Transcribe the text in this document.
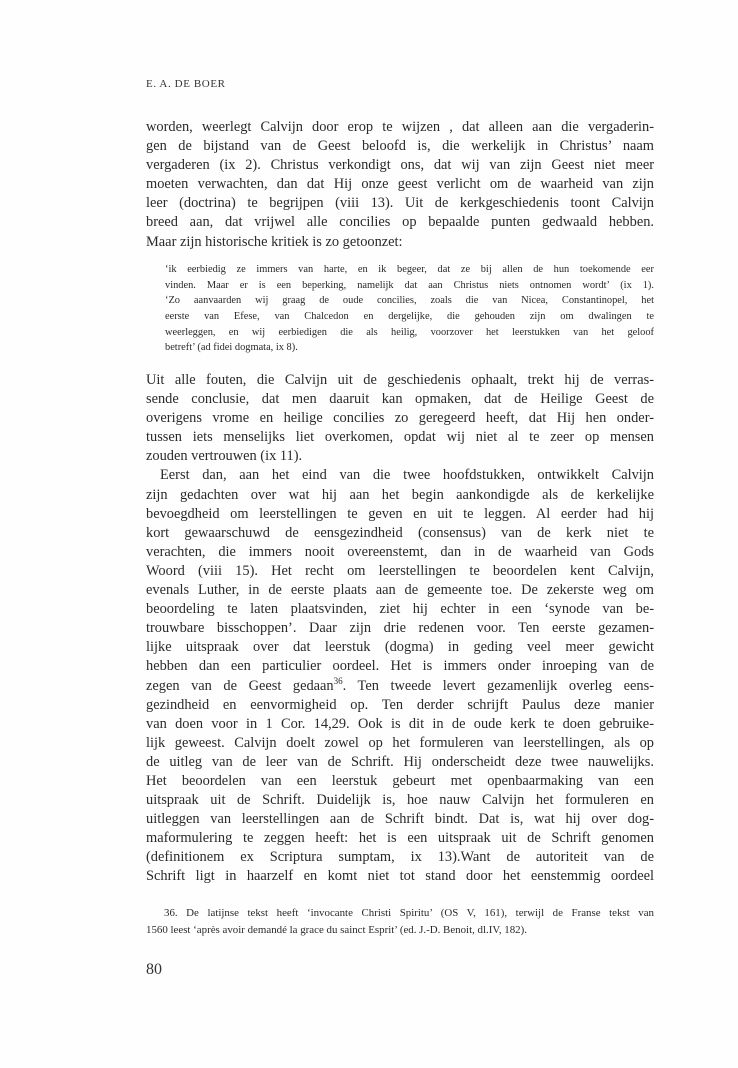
E. A. DE BOER
worden, weerlegt Calvijn door erop te wijzen , dat alleen aan die vergaderin-
gen de bijstand van de Geest beloofd is, die werkelijk in Christus’ naam
vergaderen (ix 2). Christus verkondigt ons, dat wij van zijn Geest niet meer
moeten verwachten, dan dat Hij onze geest verlicht om de waarheid van zijn
leer (doctrina) te begrijpen (viii 13). Uit de kerkgeschiedenis toont Calvijn
breed aan, dat vrijwel alle concilies op bepaalde punten gedwaald hebben.
Maar zijn historische kritiek is zo getoonzet:
‘ik eerbiedig ze immers van harte, en ik begeer, dat ze bij allen de hun toekomende eer
vinden. Maar er is een beperking, namelijk dat aan Christus niets ontnomen wordt’ (ix 1).
‘Zo aanvaarden wij graag de oude concilies, zoals die van Nicea, Constantinopel, het
eerste van Efese, van Chalcedon en dergelijke, die gehouden zijn om dwalingen te
weerleggen, en wij eerbiedigen die als heilig, voorzover het leerstukken van het geloof
betreft’ (ad fidei dogmata, ix 8).
Uit alle fouten, die Calvijn uit de geschiedenis ophaalt, trekt hij de verras-
sende conclusie, dat men daaruit kan opmaken, dat de Heilige Geest de
overigens vrome en heilige concilies zo geregeerd heeft, dat Hij hen onder-
tussen iets menselijks liet overkomen, opdat wij niet al te zeer op mensen
zouden vertrouwen (ix 11).
Eerst dan, aan het eind van die twee hoofdstukken, ontwikkelt Calvijn
zijn gedachten over wat hij aan het begin aankondigde als de kerkelijke
bevoegdheid om leerstellingen te geven en uit te leggen. Al eerder had hij
kort gewaarschuwd de eensgezindheid (consensus) van de kerk niet te
verachten, die immers nooit overeenstemt, dan in de waarheid van Gods
Woord (viii 15). Het recht om leerstellingen te beoordelen kent Calvijn,
evenals Luther, in de eerste plaats aan de gemeente toe. De zekerste weg om
beoordeling te laten plaatsvinden, ziet hij echter in een ‘synode van be-
trouwbare bisschoppen’. Daar zijn drie redenen voor. Ten eerste gezamen-
lijke uitspraak over dat leerstuk (dogma) in geding veel meer gewicht
hebben dan een particulier oordeel. Het is immers onder inroeping van de
zegen van de Geest gedaan$^{36}$. Ten tweede levert gezamenlijk overleg eens-
gezindheid en eenvormigheid op. Ten derder schrijft Paulus deze manier
van doen voor in 1 Cor. 14,29. Ook is dit in de oude kerk te doen gebruike-
lijk geweest. Calvijn doelt zowel op het formuleren van leerstellingen, als op
de uitleg van de leer van de Schrift. Hij onderscheidt deze twee nauwelijks.
Het beoordelen van een leerstuk gebeurt met openbaarmaking van een
uitspraak uit de Schrift. Duidelijk is, hoe nauw Calvijn het formuleren en
uitleggen van leerstellingen aan de Schrift bindt. Dat is, wat hij over dog-
maformulering te zeggen heeft: het is een uitspraak uit de Schrift genomen
(definitionem ex Scriptura sumptam, ix 13).Want de autoriteit van de
Schrift ligt in haarzelf en komt niet tot stand door het eenstemmig oordeel
36. De latijnse tekst heeft ‘invocante Christi Spiritu’ (OS V, 161), terwijl de Franse tekst van
1560 leest ‘après avoir demandé la grace du sainct Esprit’ (ed. J.-D. Benoit, dl.IV, 182).
80
